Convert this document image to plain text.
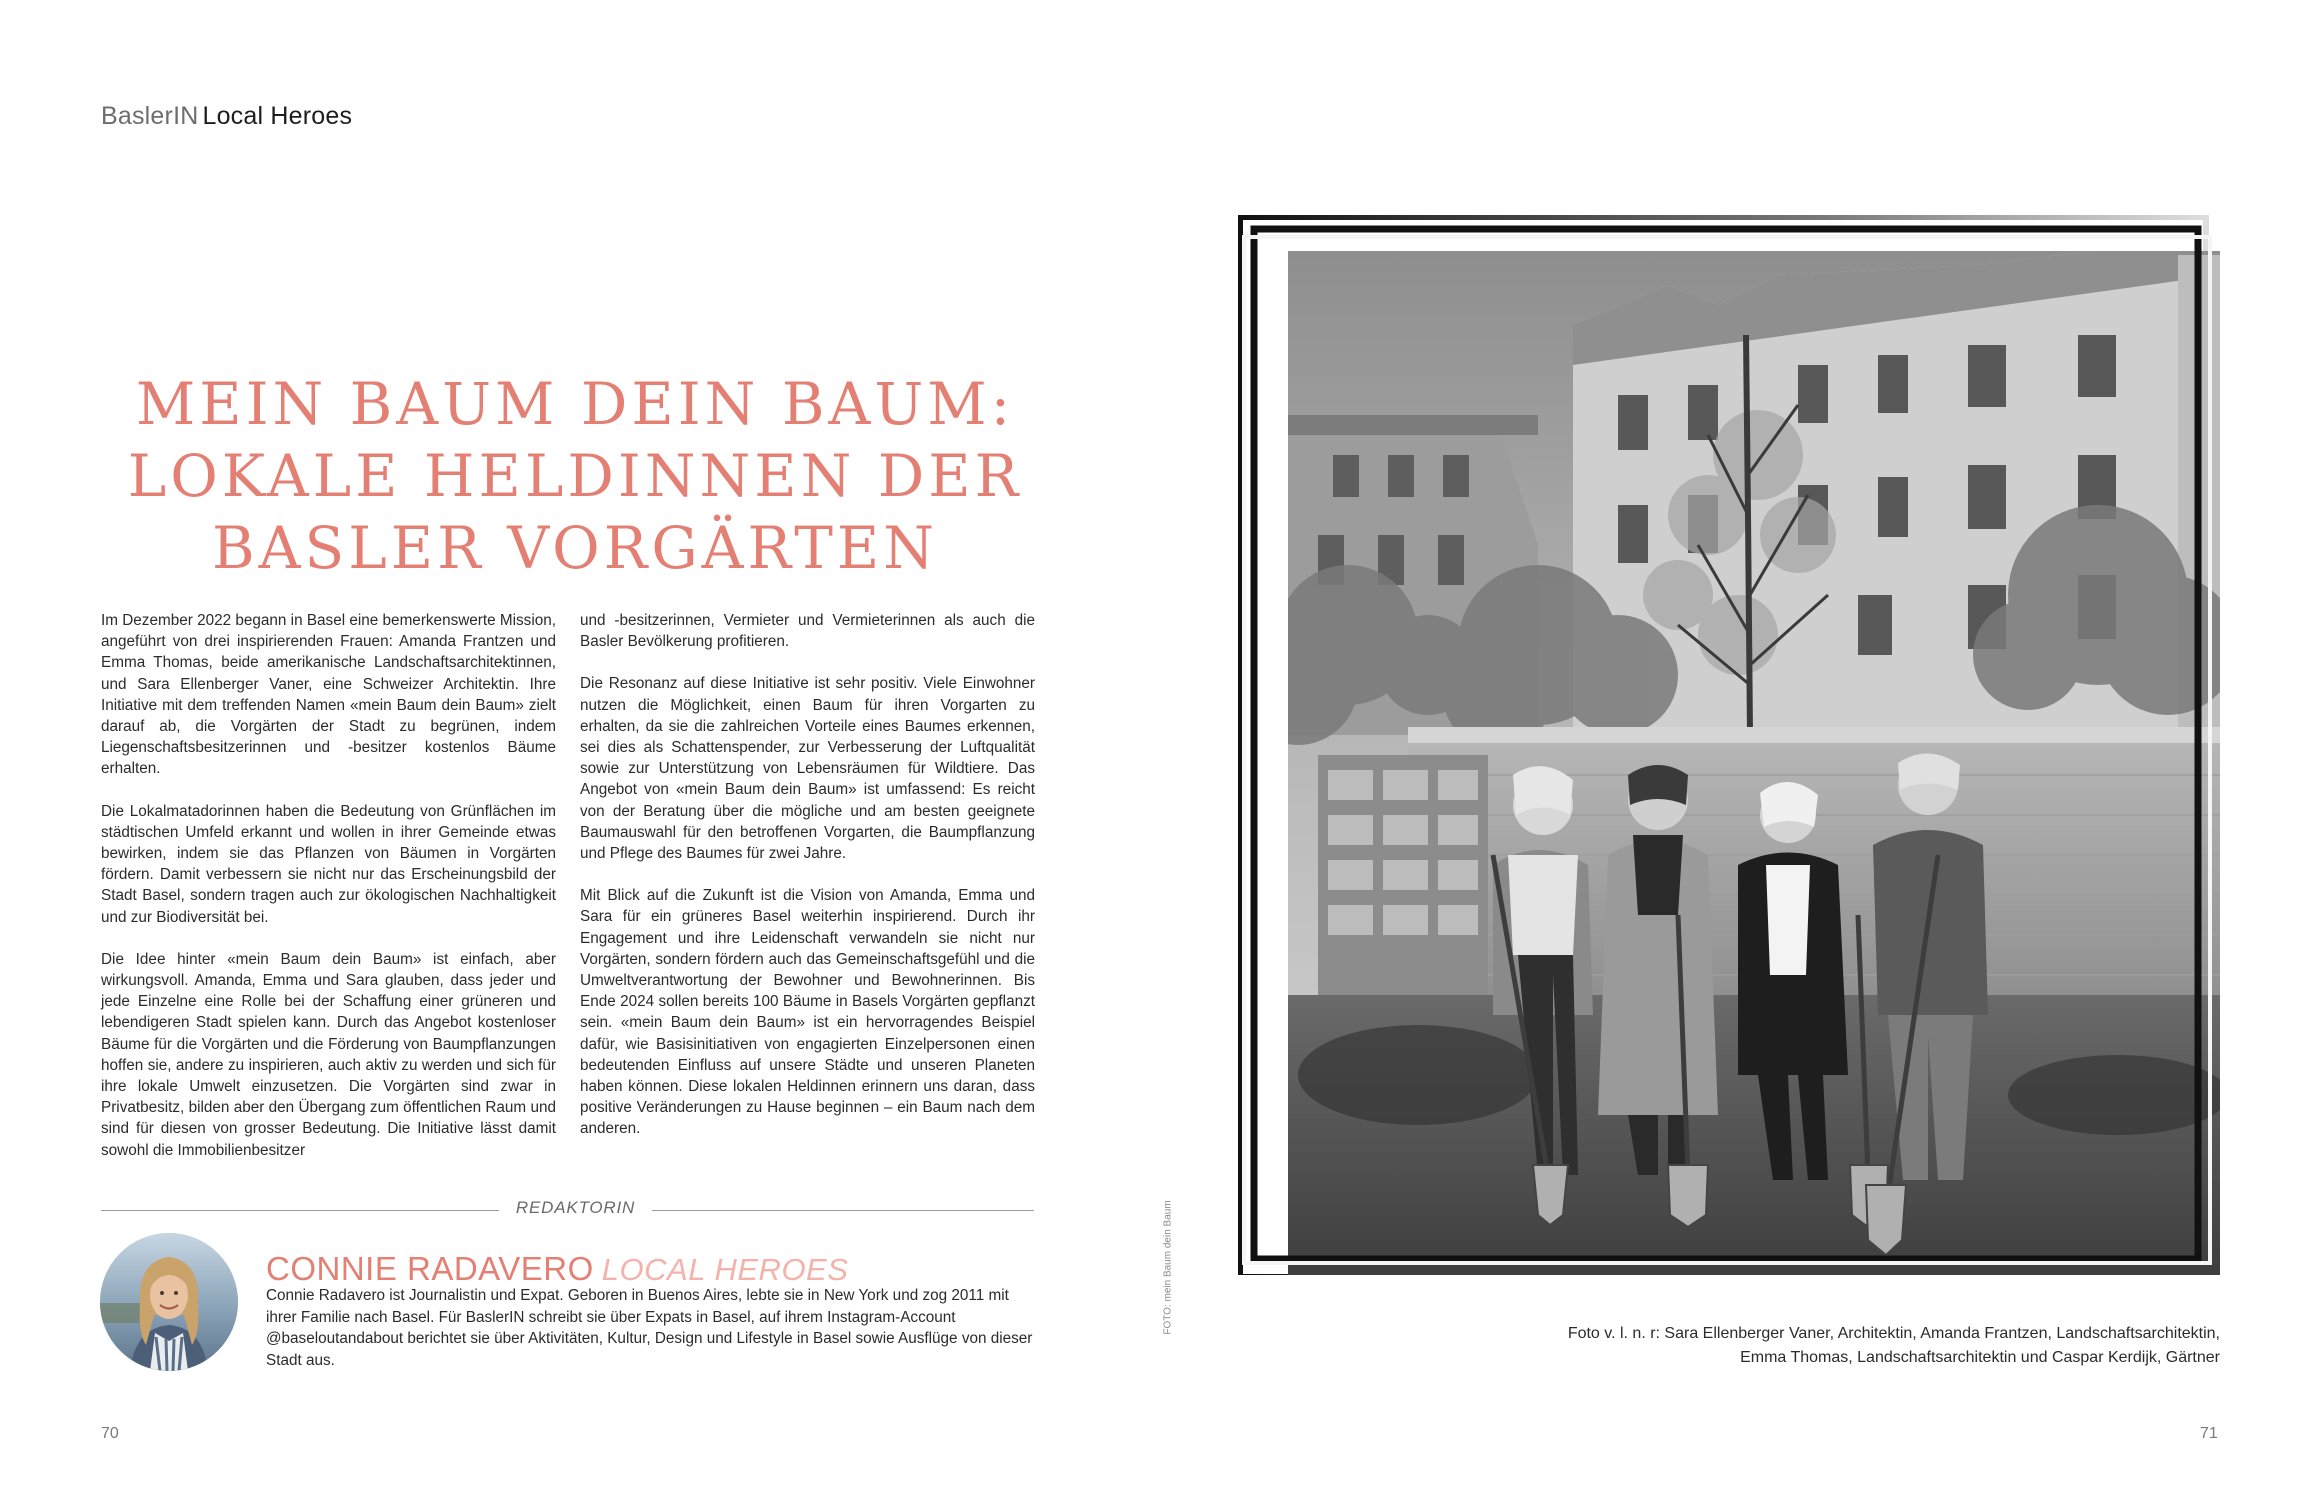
BaslerIN Local Heroes
MEIN BAUM DEIN BAUM:
LOKALE HELDINNEN DER
BASLER VORGÄRTEN

Im Dezember 2022 begann in Basel eine bemerkenswerte Mission, angeführt von drei inspirierenden Frauen: Amanda Frantzen und Emma Thomas, beide amerikanische Landschaftsarchitektinnen, und Sara Ellenberger Vaner, eine Schweizer Architektin. Ihre Initiative mit dem treffenden Namen «mein Baum dein Baum» zielt darauf ab, die Vorgärten der Stadt zu begrünen, indem Liegenschaftsbesitzerinnen und -besitzer kostenlos Bäume erhalten.

Die Lokalmatadorinnen haben die Bedeutung von Grünflächen im städtischen Umfeld erkannt und wollen in ihrer Gemeinde etwas bewirken, indem sie das Pflanzen von Bäumen in Vorgärten fördern. Damit verbessern sie nicht nur das Erscheinungsbild der Stadt Basel, sondern tragen auch zur ökologischen Nachhaltigkeit und zur Biodiversität bei.

Die Idee hinter «mein Baum dein Baum» ist einfach, aber wirkungsvoll. Amanda, Emma und Sara glauben, dass jeder und jede Einzelne eine Rolle bei der Schaffung einer grüneren und lebendigeren Stadt spielen kann. Durch das Angebot kostenloser Bäume für die Vorgärten und die Förderung von Baumpflanzungen hoffen sie, andere zu inspirieren, auch aktiv zu werden und sich für ihre lokale Umwelt einzusetzen. Die Vorgärten sind zwar in Privatbesitz, bilden aber den Übergang zum öffentlichen Raum und sind für diesen von grosser Bedeutung. Die Initiative lässt damit sowohl die Immobilienbesitzer

und -besitzerinnen, Vermieter und Vermieterinnen als auch die Basler Bevölkerung profitieren.

Die Resonanz auf diese Initiative ist sehr positiv. Viele Einwohner nutzen die Möglichkeit, einen Baum für ihren Vorgarten zu erhalten, da sie die zahlreichen Vorteile eines Baumes erkennen, sei dies als Schattenspender, zur Verbesserung der Luftqualität sowie zur Unterstützung von Lebensräumen für Wildtiere. Das Angebot von «mein Baum dein Baum» ist umfassend: Es reicht von der Beratung über die mögliche und am besten geeignete Baumauswahl für den betroffenen Vorgarten, die Baumpflanzung und Pflege des Baumes für zwei Jahre.

Mit Blick auf die Zukunft ist die Vision von Amanda, Emma und Sara für ein grüneres Basel weiterhin inspirierend. Durch ihr Engagement und ihre Leidenschaft verwandeln sie nicht nur Vorgärten, sondern fördern auch das Gemeinschaftsgefühl und die Umweltverantwortung der Bewohner und Bewohnerinnen. Bis Ende 2024 sollen bereits 100 Bäume in Basels Vorgärten gepflanzt sein. «mein Baum dein Baum» ist ein hervorragendes Beispiel dafür, wie Basisinitiativen von engagierten Einzelpersonen einen bedeutenden Einfluss auf unsere Städte und unseren Planeten haben können. Diese lokalen Heldinnen erinnern uns daran, dass positive Veränderungen zu Hause beginnen – ein Baum nach dem anderen.

REDAKTORIN
CONNIE RADAVERO LOCAL HEROES
Connie Radavero ist Journalistin und Expat. Geboren in Buenos Aires, lebte sie in New York und zog 2011 mit ihrer Familie nach Basel. Für BaslerIN schreibt sie über Expats in Basel, auf ihrem Instagram-Account @baseloutandabout berichtet sie über Aktivitäten, Kultur, Design und Lifestyle in Basel sowie Ausflüge von dieser Stadt aus.
FOTO: mein Baum dein Baum
70	71
Foto v. l. n. r: Sara Ellenberger Vaner, Architektin, Amanda Frantzen, Landschaftsarchitektin,
Emma Thomas, Landschaftsarchitektin und Caspar Kerdijk, Gärtner
